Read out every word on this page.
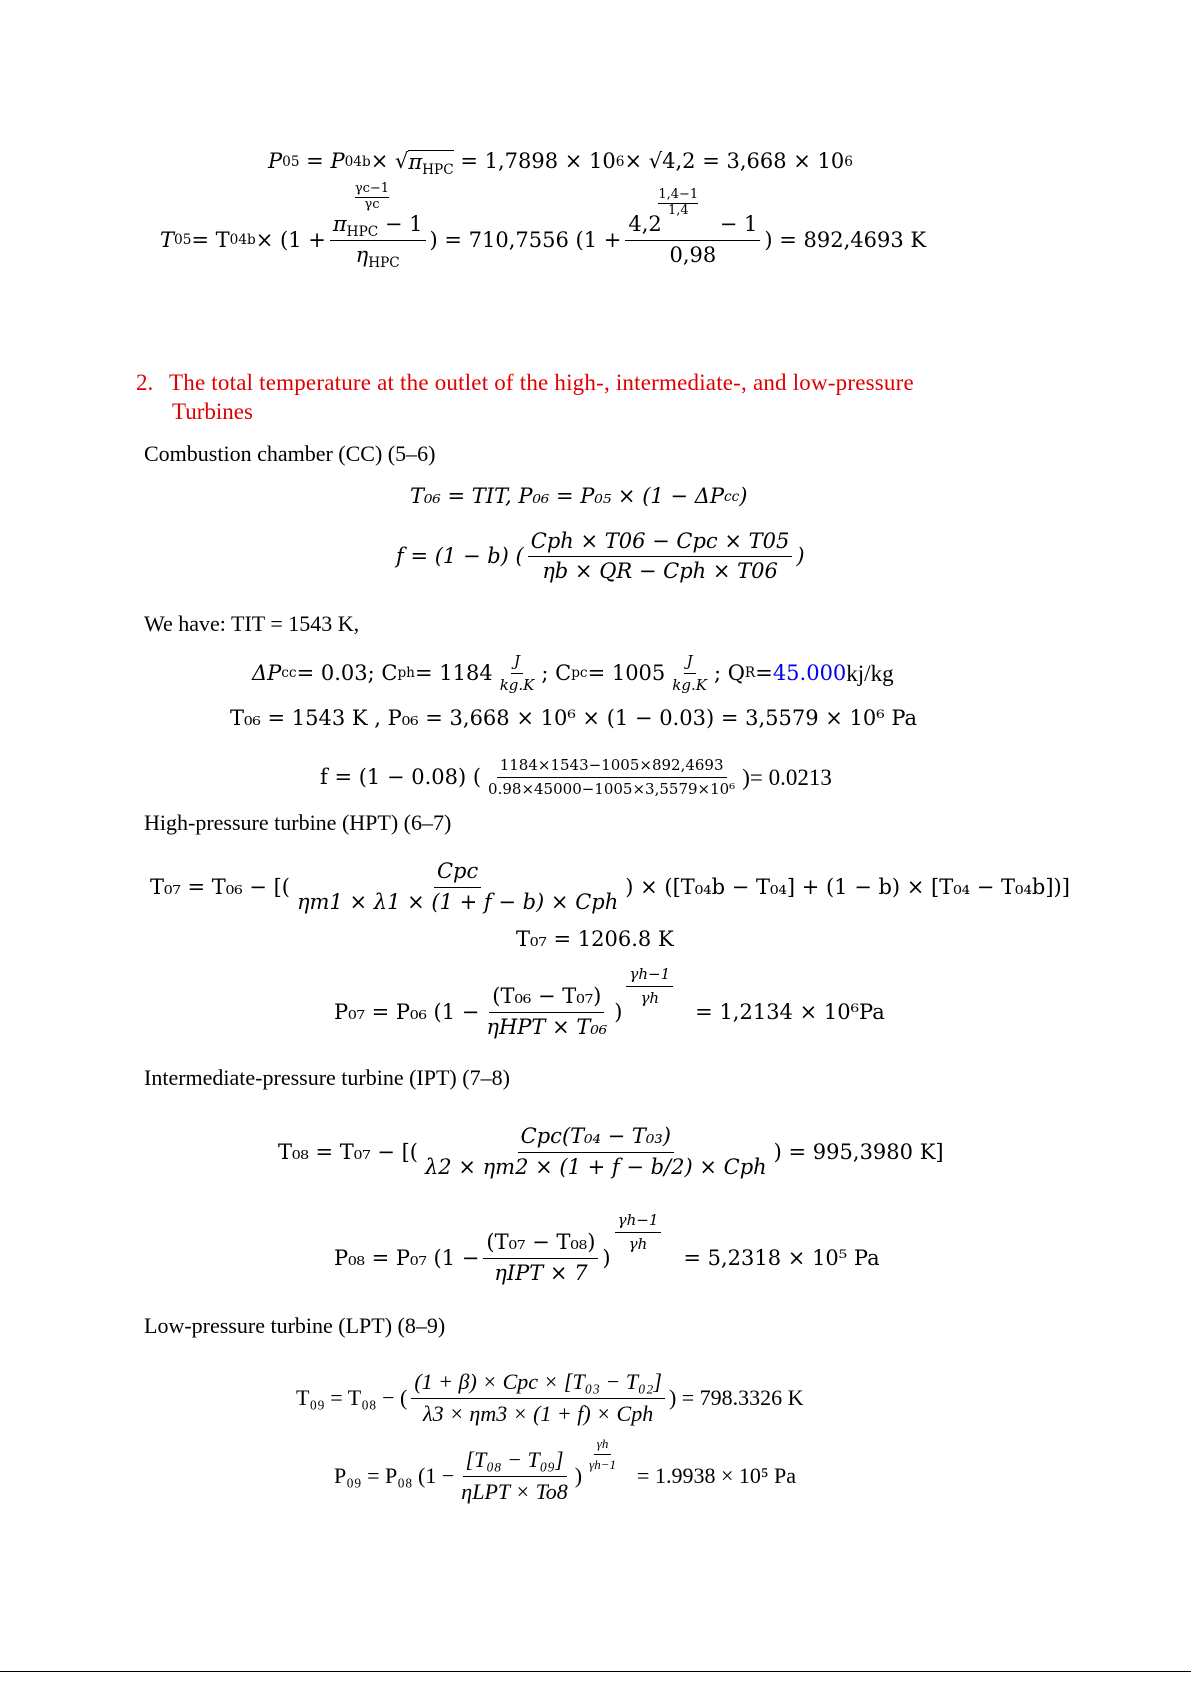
P 05 = P 04b × √ $\pi_{HPC}$
= 1,7898 × 10 6 × √4,2 = 3,668 × 10 6
T 05 = T 04b × (1 + γc−1
γc
$\pi_{HPC} - 1$
$\eta_{HPC}$ ) = 710,7556 (1 + 1,4−1
1,4
4,2	− 1
0,98 ) = 892,4693 K
2. The total temperature at the outlet of the high-, intermediate-, and low-pressure
Turbines
Combustion chamber (CC) (5–6)
T₀₆ = TIT, P₀₆ = P₀₅ × (1 − ΔP cc )
f = (1 − b) ( $\frac{\text{Cph × T06 − Cpc × T05}}{\text{ηb × QR − Cph × T06}}$ )
We have: TIT = 1543 K,
ΔP cc = 0.03; C ph = $1184 \frac{J}{kg.K}$ ; C pc = $1005 \frac{J}{kg.K}$ ; Q R = 45.000 kj/kg
T₀₆ = 1543 K , P₀₆ = 3,668 × 10⁶ × (1 − 0.03) = 3,5579 × 10⁶ Pa
f = (1 − 0.08) ( $\frac{1184\times 1543-1005\times 892,4693}{\text{0.98×45000−1005×3,5579×10⁶}}$ )= 0.0213
High-pressure turbine (HPT) (6–7)
T₀₇ = T₀₆ − [( $\frac{\text{Cpc}}{\text{ηm1 × λ1 × (1 + f − b) × Cph}}$ ) × ([T₀₄b − T₀₄] + (1 − b) × [T₀₄ − T₀₄b])]
T₀₇ = 1206.8 K
P₀₇ = P₀₆ ($1 - \frac{\text{(T₀₆ − T₀₇)}}{\text{ηHPT × T₀₆}}$ )
$\frac{\gamma h-1}{\gamma h}$
= 1,2134 × 10⁶Pa
Intermediate-pressure turbine (IPT) (7–8)
T₀₈ = T₀₇ − [( $\frac{\text{Cpc(T₀₄ − T₀₃)}}{\text{λ2 × ηm2 × (1 + f − b/2) × Cph}}$ ) = 995,3980 K]
P₀₈ = P₀₇ ($1 - \frac{\text{(T₀₇ − T₀₈)}}{\text{ηIPT × 7}}$ )
$\frac{\gamma h-1}{\gamma h}$
= 5,2318 × 10⁵ Pa
Low-pressure turbine (LPT) (8–9)
T₀₉ = T₀₈ − ( $\frac{\text{(1 + β) × Cpc × [T₀₃ − T₀₂]}}{\text{λ3 × ηm3 × (1 + f) × Cph}}$ ) = 798.3326 K
P₀₉ = P₀₈ ($1 - \frac{\text{[T₀₈ − T₀₉]}}{\text{ηLPT × To8}}$ )
$\frac{\gamma h}{\gamma h-1}$
= 1.9938 × 10⁵ Pa
